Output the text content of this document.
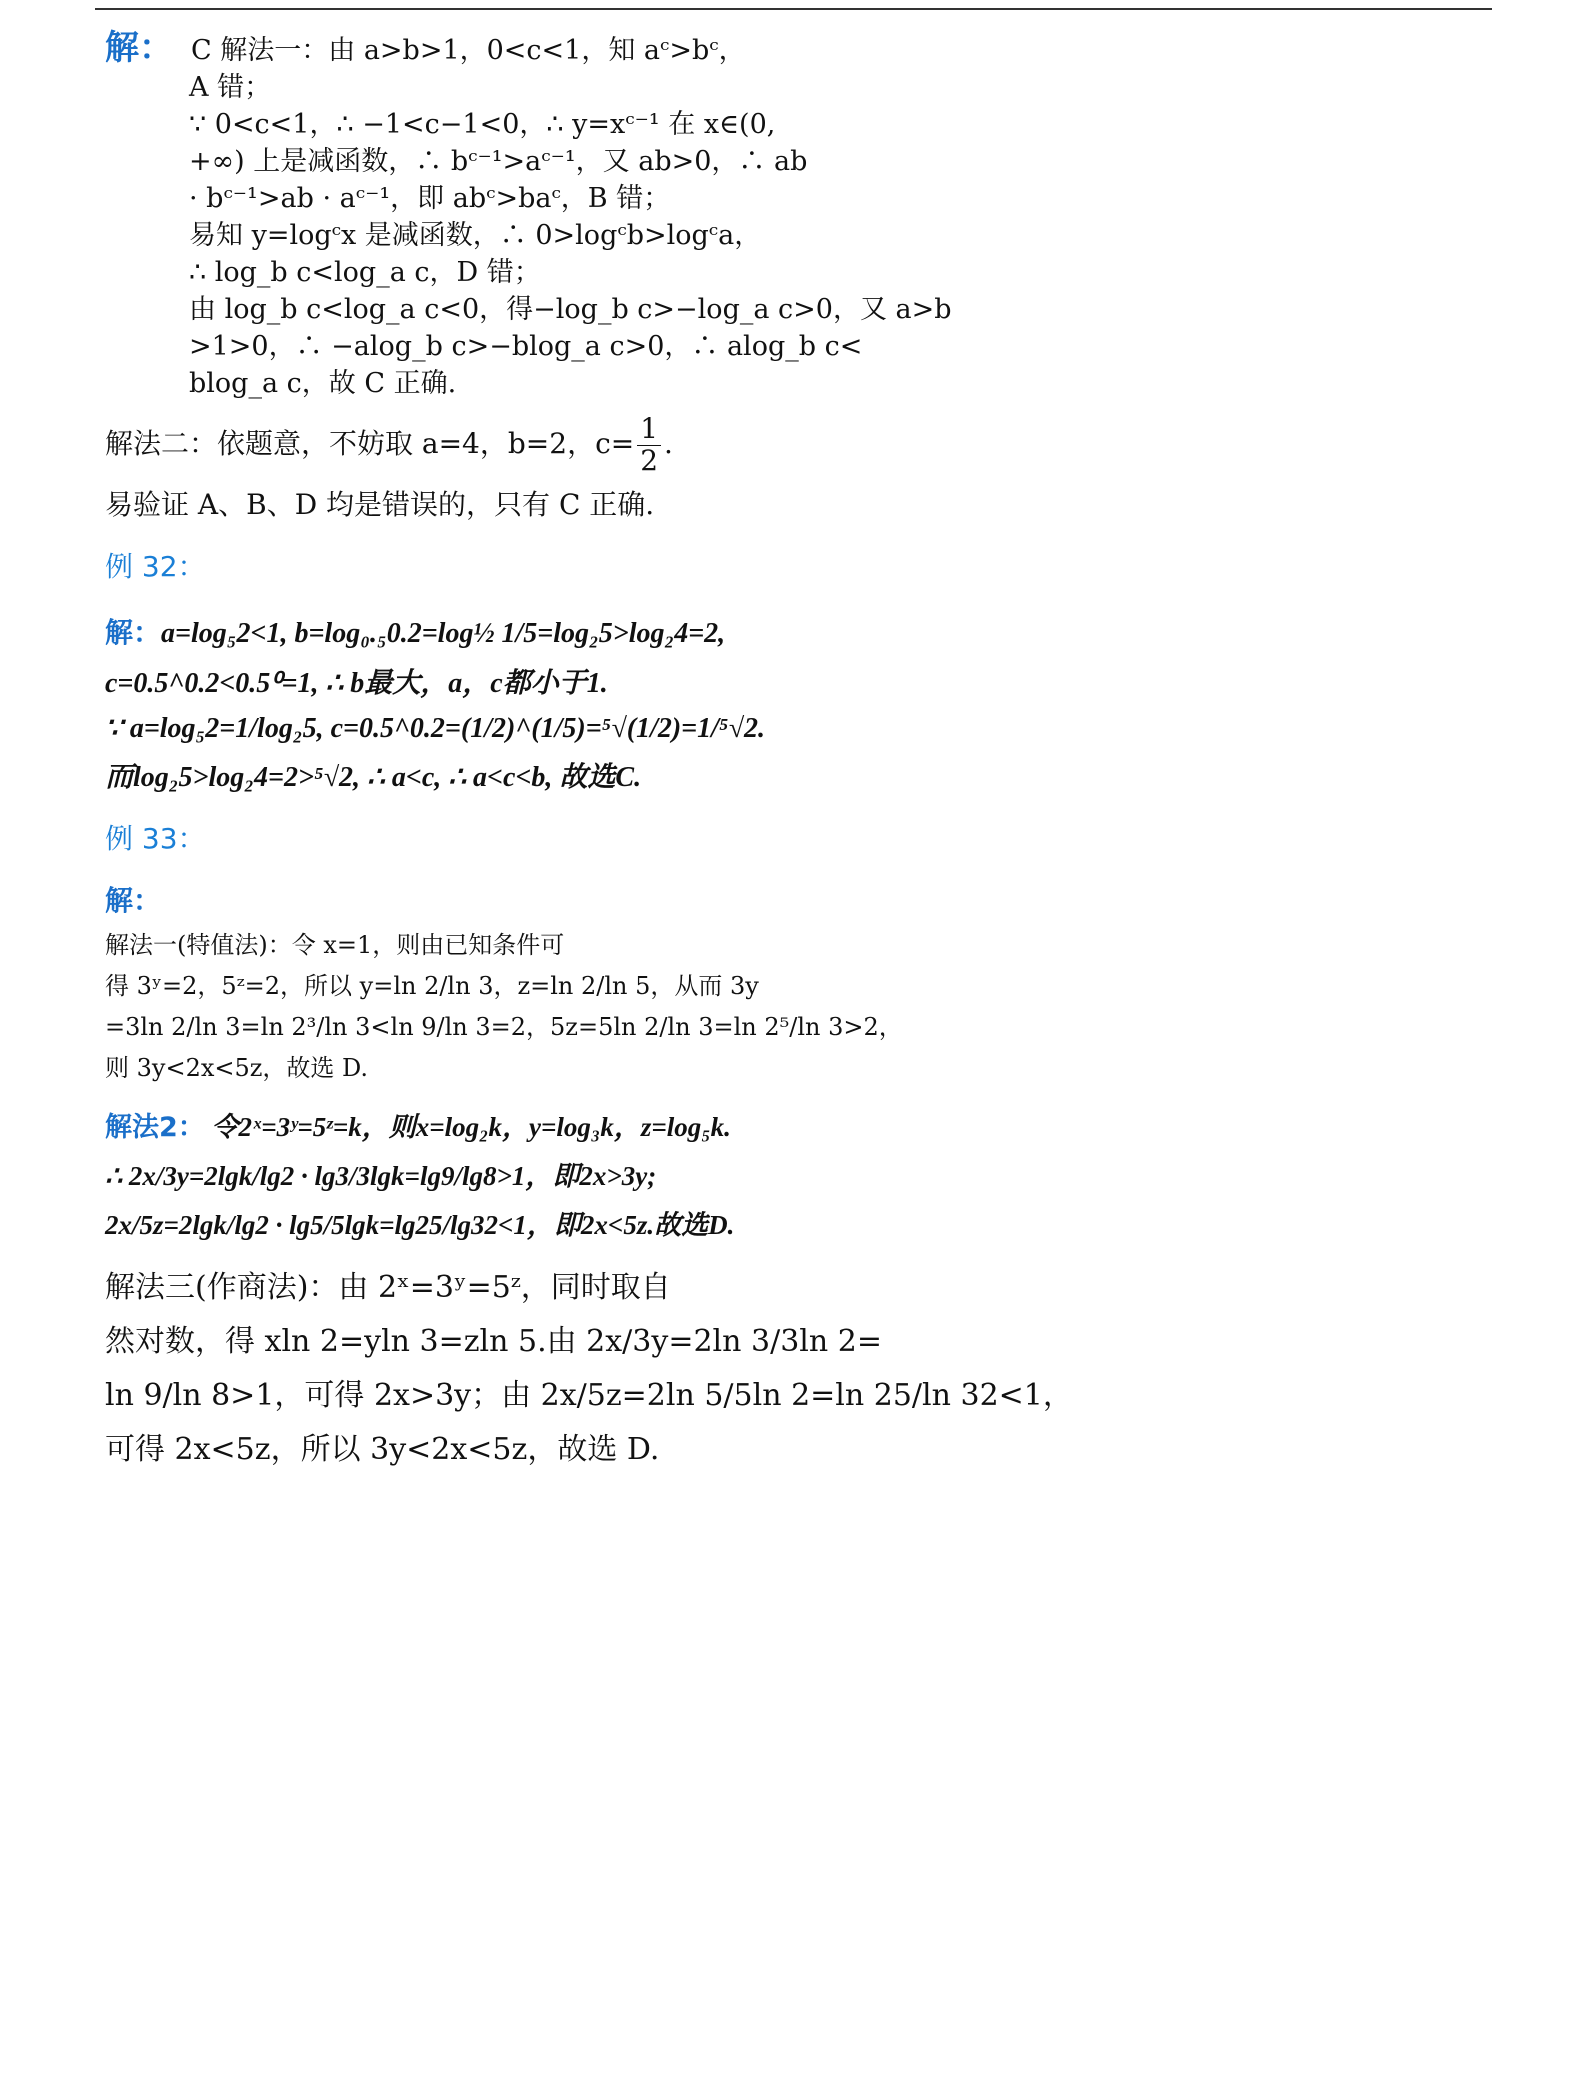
解： C 解法一：由 a>b>1，0<c<1，知 aᶜ>bᶜ，
A 错；
∵ 0<c<1，∴ −1<c−1<0，∴ y=xᶜ⁻¹ 在 x∈(0,
+∞) 上是减函数，∴ bᶜ⁻¹>aᶜ⁻¹，又 ab>0，∴ ab
· bᶜ⁻¹>ab · aᶜ⁻¹，即 abᶜ>baᶜ，B 错；
易知 y=logᶜx 是减函数，∴ 0>logᶜb>logᶜa，
∴ log_b c<log_a c，D 错；
由 log_b c<log_a c<0，得−log_b c>−log_a c>0，又 a>b
>1>0，∴ −alog_b c>−blog_a c>0，∴ alog_b c<
blog_a c，故 C 正确.
解法二：依题意，不妨取 a=4，b=2，$c= \frac{1}{2}$ .
易验证 A、B、D 均是错误的，只有 C 正确.
例 32：
解：a=log₅2<1, b=log₀.₅0.2=log½ 1/5=log₂5>log₂4=2,
c=0.5^0.2<0.5⁰=1, ∴ b最大，a，c都小于1.
∵ a=log₅2=1/log₂5, c=0.5^0.2=(1/2)^(1/5)=⁵√(1/2)=1/⁵√2.
而log₂5>log₂4=2>⁵√2, ∴ a<c, ∴ a<c<b, 故选C.
例 33：
解：
解法一(特值法)：令 x=1，则由已知条件可
得 3ʸ=2，5ᶻ=2，所以 y=ln 2/ln 3，z=ln 2/ln 5，从而 3y
=3ln 2/ln 3=ln 2³/ln 3<ln 9/ln 3=2，5z=5ln 2/ln 3=ln 2⁵/ln 3>2，
则 3y<2x<5z，故选 D.
解法2： 令2ˣ=3ʸ=5ᶻ=k，则x=log₂k，y=log₃k，z=log₅k.
∴ 2x/3y=2lgk/lg2 · lg3/3lgk=lg9/lg8>1，即2x>3y;
2x/5z=2lgk/lg2 · lg5/5lgk=lg25/lg32<1，即2x<5z.故选D.
解法三(作商法)：由 2ˣ=3ʸ=5ᶻ，同时取自
然对数，得 xln 2=yln 3=zln 5.由 2x/3y=2ln 3/3ln 2=
ln 9/ln 8>1，可得 2x>3y；由 2x/5z=2ln 5/5ln 2=ln 25/ln 32<1，
可得 2x<5z，所以 3y<2x<5z，故选 D.
